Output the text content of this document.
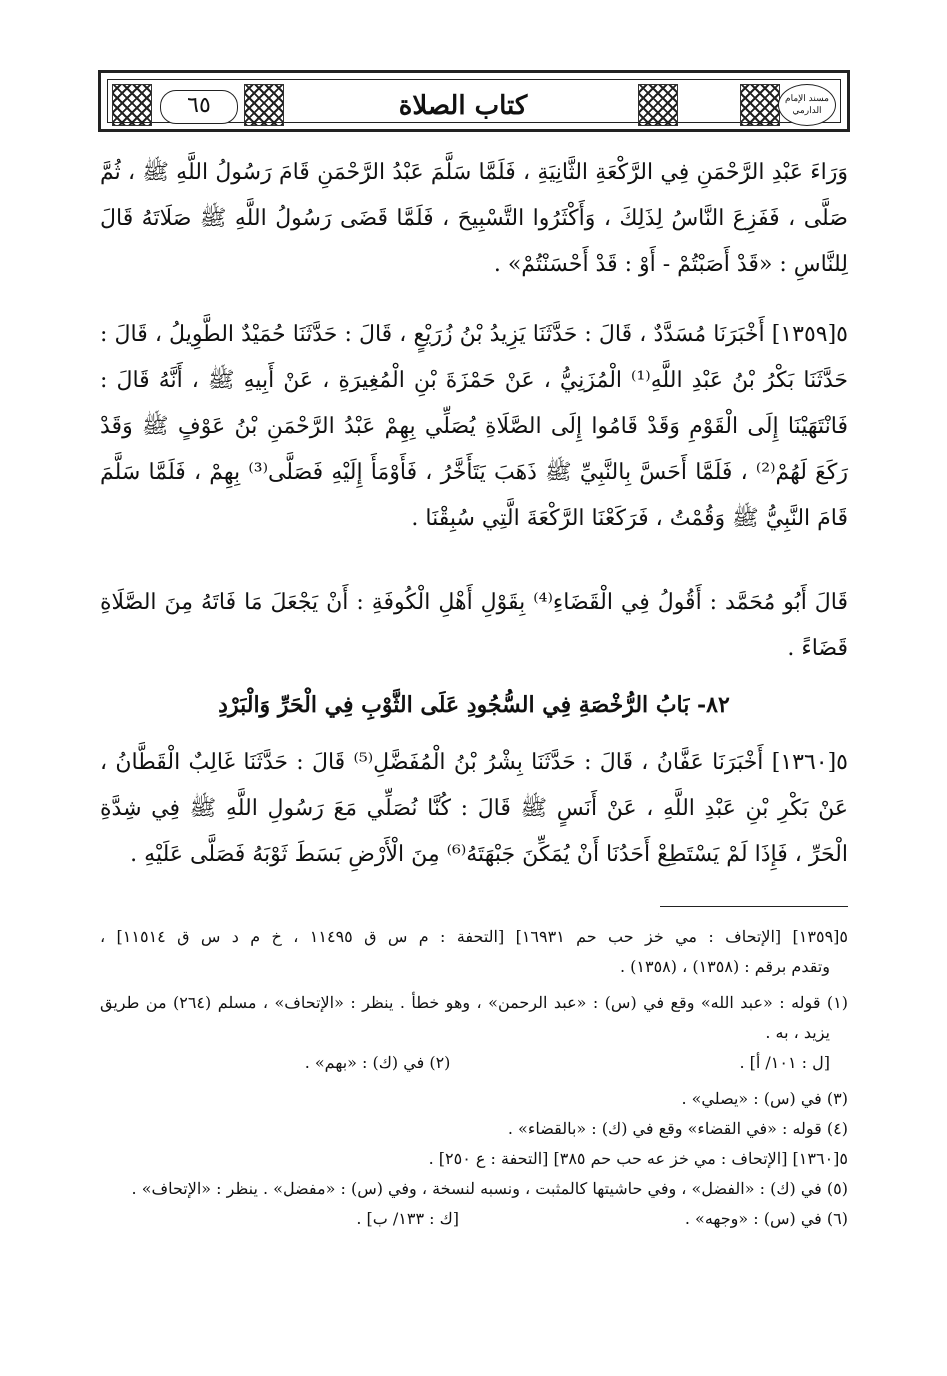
٦٥	كتاب الصلاة	مسند الإمام الدارمي
وَرَاءَ عَبْدِ الرَّحْمَنِ فِي الرَّكْعَةِ الثَّانِيَةِ ، فَلَمَّا سَلَّمَ عَبْدُ الرَّحْمَنِ قَامَ رَسُولُ اللَّهِ ﷺ ، ثُمَّ
صَلَّى ، فَفَزِعَ النَّاسُ لِذَلِكَ ، وَأَكْثَرُوا التَّسْبِيحَ ، فَلَمَّا قَضَى رَسُولُ اللَّهِ ﷺ صَلَاتَهُ قَالَ
لِلنَّاسِ : «قَدْ أَصَبْتُمْ - أَوْ : قَدْ أَحْسَنْتُمْ» .
٥[١٣٥٩] أَخْبَرَنَا مُسَدَّدٌ ، قَالَ : حَدَّثَنَا يَزِيدُ بْنُ زُرَيْعٍ ، قَالَ : حَدَّثَنَا حُمَيْدٌ الطَّوِيلُ ، قَالَ :
حَدَّثَنَا بَكْرُ بْنُ عَبْدِ اللَّهِ⁽¹⁾ الْمُزَنِيُّ ، عَنْ حَمْزَةَ بْنِ الْمُغِيرَةِ ، عَنْ أَبِيهِ ﷺ ، أَنَّهُ قَالَ :
فَانْتَهَيْنَا إِلَى الْقَوْمِ وَقَدْ قَامُوا إِلَى الصَّلَاةِ يُصَلِّي بِهِمْ عَبْدُ الرَّحْمَنِ بْنُ عَوْفٍ ﷺ وَقَدْ
رَكَعَ لَهُمْ⁽²⁾ ، فَلَمَّا أَحَسَّ بِالنَّبِيِّ ﷺ ذَهَبَ يَتَأَخَّرُ ، فَأَوْمَأَ إِلَيْهِ فَصَلَّى⁽³⁾ بِهِمْ ، فَلَمَّا سَلَّمَ
قَامَ النَّبِيُّ ﷺ وَقُمْتُ ، فَرَكَعْنَا الرَّكْعَةَ الَّتِي سُبِقْنَا .
قَالَ أَبُو مُحَمَّد : أَقُولُ فِي الْقَضَاءِ⁽⁴⁾ بِقَوْلِ أَهْلِ الْكُوفَةِ : أَنْ يَجْعَلَ مَا فَاتَهُ مِنَ الصَّلَاةِ
قَضَاءً .
٨٢- بَابُ الرُّخْصَةِ فِي السُّجُودِ عَلَى الثَّوْبِ فِي الْحَرِّ وَالْبَرْدِ
٥[١٣٦٠] أَخْبَرَنَا عَفَّانُ ، قَالَ : حَدَّثَنَا بِشْرُ بْنُ الْمُفَضَّلِ⁽⁵⁾ قَالَ : حَدَّثَنَا غَالِبٌ الْقَطَّانُ ،
عَنْ بَكْرِ بْنِ عَبْدِ اللَّهِ ، عَنْ أَنَسٍ ﷺ قَالَ : كُنَّا نُصَلِّي مَعَ رَسُولِ اللَّهِ ﷺ فِي شِدَّةِ
الْحَرِّ ، فَإِذَا لَمْ يَسْتَطِعْ أَحَدُنَا أَنْ يُمَكِّنَ جَبْهَتَهُ⁽⁶⁾ مِنَ الْأَرْضِ بَسَطَ ثَوْبَهُ فَصَلَّى عَلَيْهِ .
٥[١٣٥٩] [الإتحاف : مي خز حب حم ١٦٩٣١] [التحفة : م س ق ١١٤٩٥ ، خ م د س ق ١١٥١٤] ،
وتقدم برقم : (١٣٥٨) ، (١٣٥٨) .
(١) قوله : «عبد الله» وقع في (س) : «عبد الرحمن» ، وهو خطأ . ينظر : «الإتحاف» ، مسلم (٢٦٤) من طريق
يزيد ، به .
[ل : ١٠١/ أ] .
(٢) في (ك) : «بهم» .
(٣) في (س) : «يصلي» .
(٤) قوله : «في القضاء» وقع في (ك) : «بالقضاء» .
٥[١٣٦٠] [الإتحاف : مي خز عه حب حم ٣٨٥] [التحفة : ع ٢٥٠] .
(٥) في (ك) : «الفضل» ، وفي حاشيتها كالمثبت ، ونسبه لنسخة ، وفي (س) : «مفضل» . ينظر : «الإتحاف» .
(٦) في (س) : «وجهه» .
[ك : ١٣٣/ ب] .
